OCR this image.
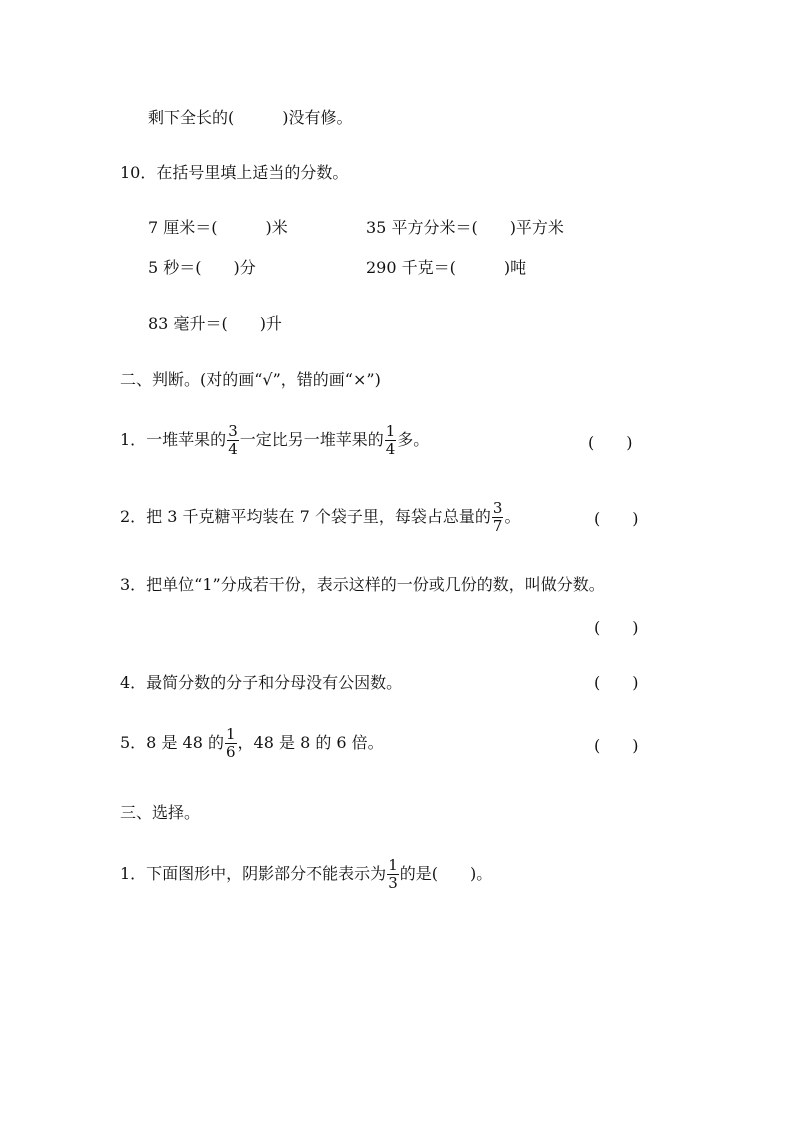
剩下全长的(　　　)没有修。
10．在括号里填上适当的分数。
7 厘米＝(　　　)米	35 平方分米＝(　　)平方米
5 秒＝(　　)分	290 千克＝(　　　)吨
83 毫升＝(　　)升
二、判断。(对的画“√”，错的画“×”)
1．一堆苹果的 $\frac{3}{4}$ 一定比另一堆苹果的 $\frac{1}{4}$ 多。	(　　)
2．把 3 千克糖平均装在 7 个袋子里，每袋占总量的 $\frac{3}{7}$ 。	(　　)
3．把单位“1”分成若干份，表示这样的一份或几份的数，叫做分数。
(　　)
4．最简分数的分子和分母没有公因数。	(　　)
5．8 是 48 的 $\frac{1}{6}$ ，48 是 8 的 6 倍。	(　　)
三、选择。
1．下面图形中，阴影部分不能表示为 $\frac{1}{3}$ 的是(　　)。
